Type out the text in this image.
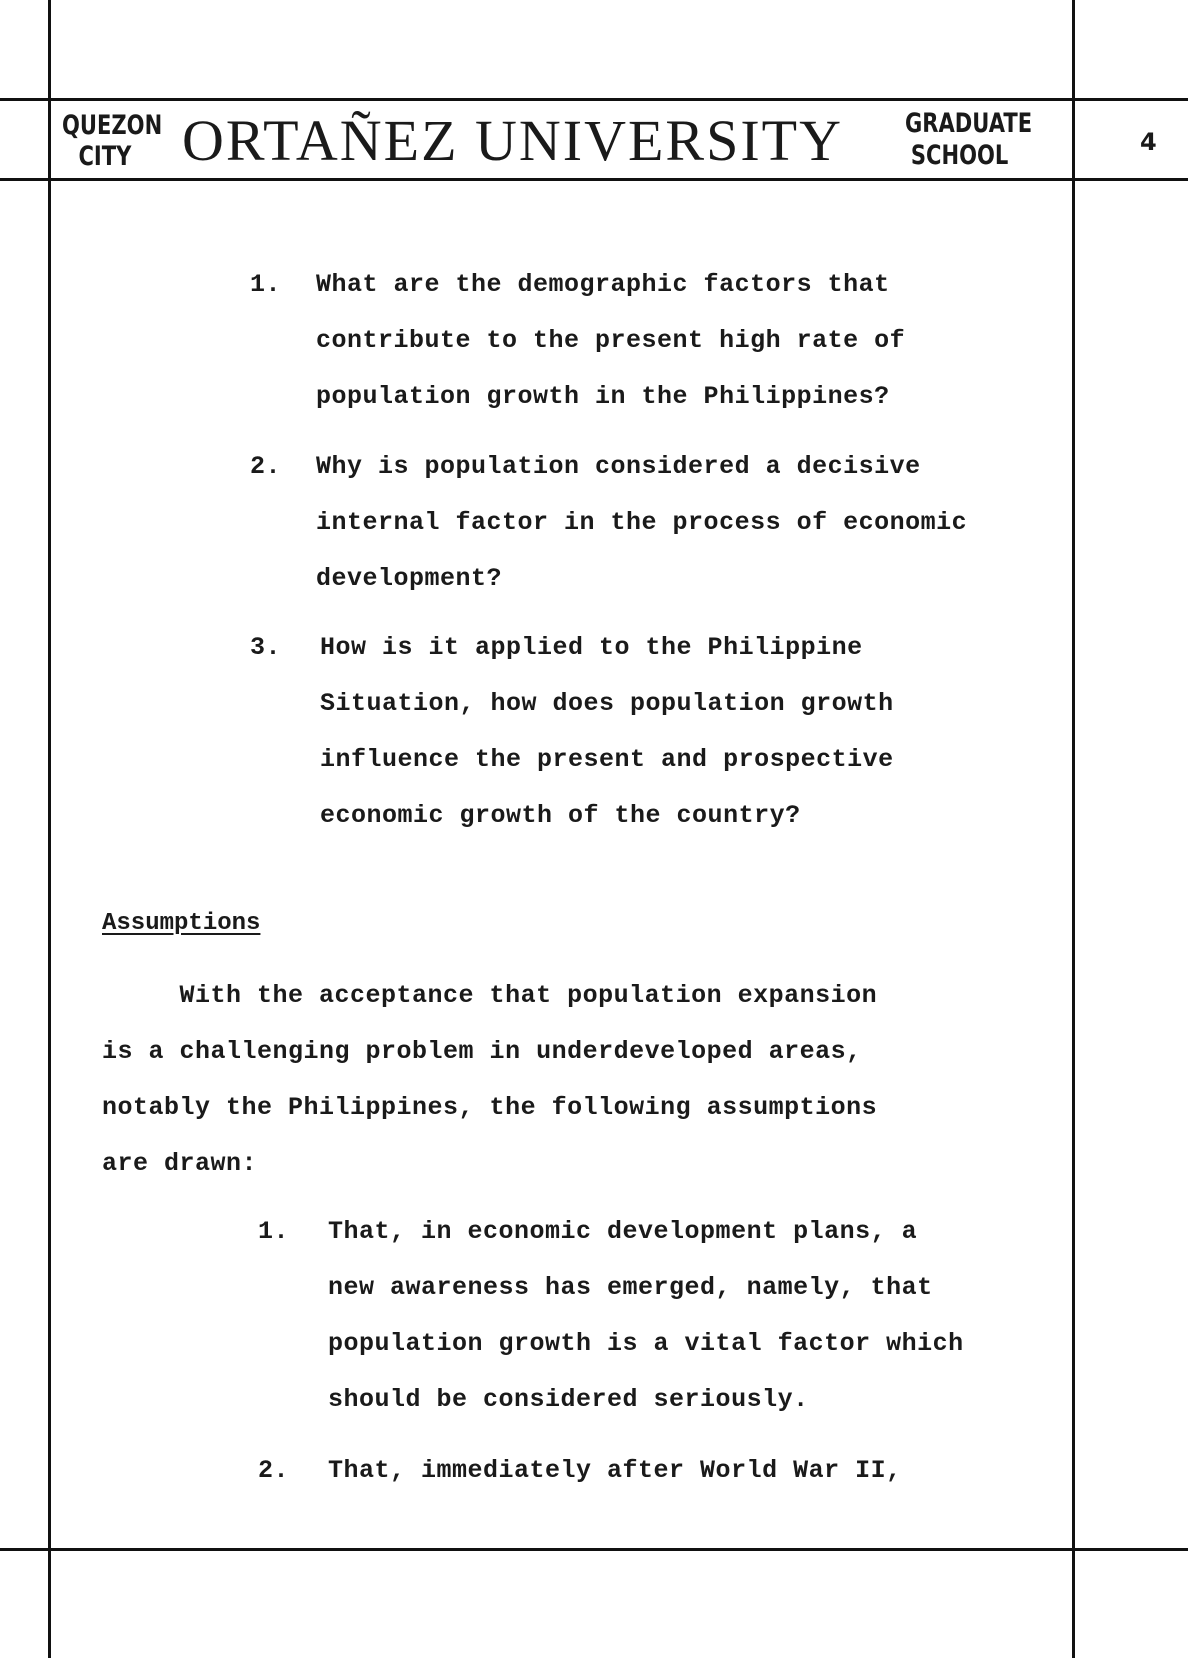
QUEZON
CITY ORTAÑEZ UNIVERSITY GRADUATE
SCHOOL	4
1. What are the demographic factors that
contribute to the present high rate of
population growth in the Philippines?
2. Why is population considered a decisive
internal factor in the process of economic
development?
3. How is it applied to the Philippine
Situation, how does population growth
influence the present and prospective
economic growth of the country?
Assumptions
With the acceptance that population expansion
is a challenging problem in underdeveloped areas,
notably the Philippines, the following assumptions
are drawn:
1. That, in economic development plans, a
new awareness has emerged, namely, that
population growth is a vital factor which
should be considered seriously.
2. That, immediately after World War II,
